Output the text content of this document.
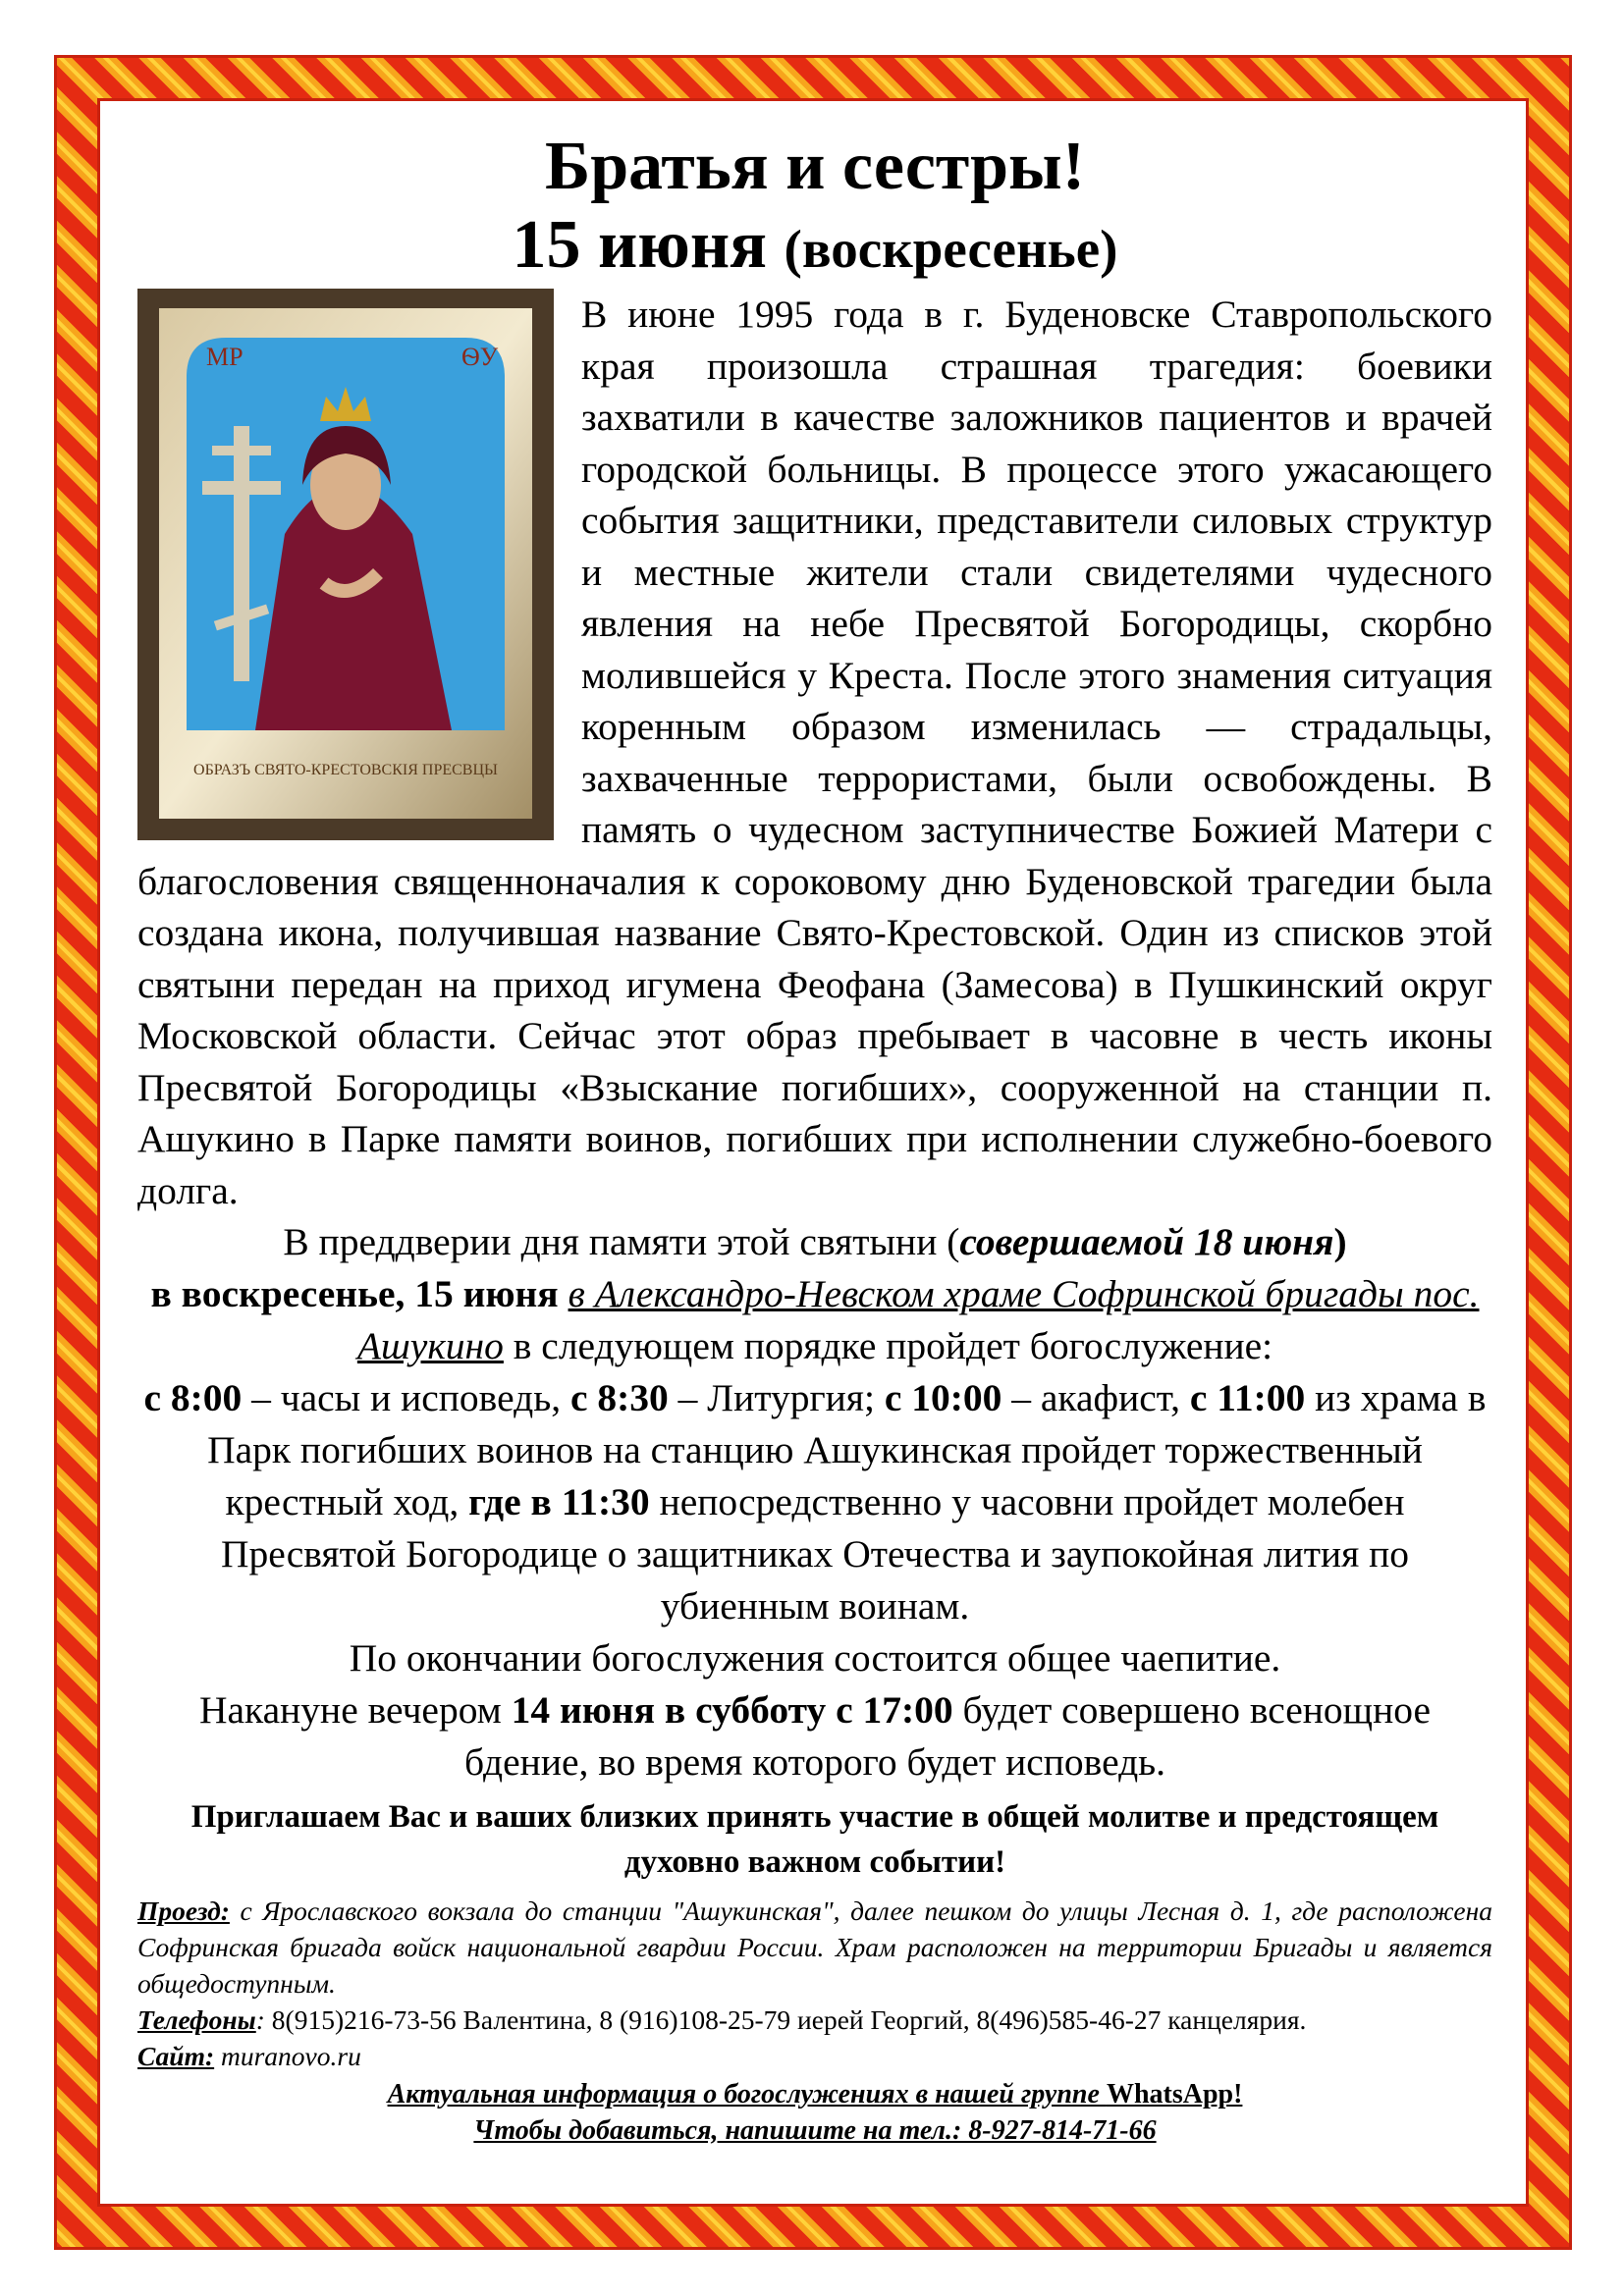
Братья и сестры!
15 июня (воскресенье)
МР	ѲУ
ОБРАЗЪ СВЯТО-КРЕСТОВСКІЯ ПРЕСВЦЫ

В июне 1995 года в г. Буденовске Ставропольского края произошла страшная трагедия: боевики захватили в качестве заложников пациентов и врачей городской больницы. В процессе этого ужасающего события защитники, представители силовых структур и местные жители стали свидетелями чудесного явления на небе Пресвятой Богородицы, скорбно молившейся у Креста. После этого знамения ситуация коренным образом изменилась — страдальцы, захваченные террористами, были освобождены. В память о чудесном заступничестве Божией Матери с благословения священноначалия к сороковому дню Буденовской трагедии была создана икона, получившая название Свято-Крестовской. Один из списков этой святыни передан на приход игумена Феофана (Замесова) в Пушкинский округ Московской области. Сейчас этот образ пребывает в часовне в честь иконы Пресвятой Богородицы «Взыскание погибших», сооруженной на станции п. Ашукино в Парке памяти воинов, погибших при исполнении служебно-боевого долга.

В преддверии дня памяти этой святыни (совершаемой 18 июня)

в воскресенье, 15 июня в Александро-Невском храме Софринской бригады пос. Ашукино в следующем порядке пройдет богослужение:

с 8:00 – часы и исповедь, с 8:30 – Литургия; с 10:00 – акафист, с 11:00 из храма в Парк погибших воинов на станцию Ашукинская пройдет торжественный крестный ход, где в 11:30 непосредственно у часовни пройдет молебен Пресвятой Богородице о защитниках Отечества и заупокойная лития по убиенным воинам.

По окончании богослужения состоится общее чаепитие.

Накануне вечером 14 июня в субботу с 17:00 будет совершено всенощное бдение, во время которого будет исповедь.

Приглашаем Вас и ваших близких принять участие в общей молитве и предстоящем духовно важном событии!

Проезд: с Ярославского вокзала до станции "Ашукинская", далее пешком до улицы Лесная д. 1, где расположена Софринская бригада войск национальной гвардии России. Храм расположен на территории Бригады и является общедоступным.
Телефоны: 8(915)216-73-56 Валентина, 8 (916)108-25-79 иерей Георгий, 8(496)585-46-27 канцелярия.
Сайт: muranovo.ru
Актуальная информация о богослужениях в нашей группе WhatsApp!
Чтобы добавиться, напишите на тел.: 8-927-814-71-66
